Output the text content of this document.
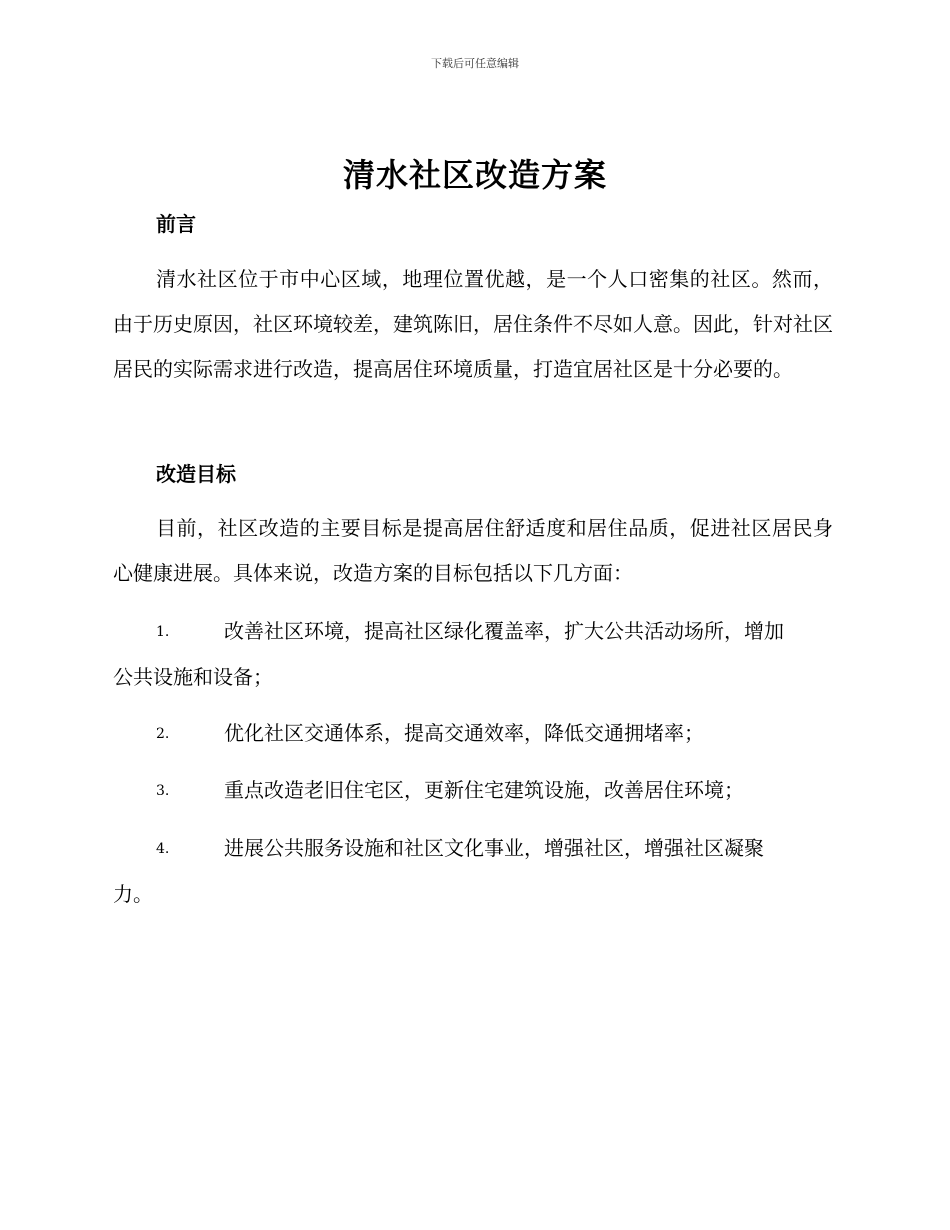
下载后可任意编辑
清水社区改造方案
前言
清水社区位于市中心区域，地理位置优越，是一个人口密集的社区。然而，由于历史原因，社区环境较差，建筑陈旧，居住条件不尽如人意。因此，针对社区居民的实际需求进行改造，提高居住环境质量，打造宜居社区是十分必要的。
改造目标
目前，社区改造的主要目标是提高居住舒适度和居住品质，促进社区居民身心健康进展。具体来说，改造方案的目标包括以下几方面：
1.	改善社区环境，提高社区绿化覆盖率，扩大公共活动场所，增加
公共设施和设备；
2.	优化社区交通体系，提高交通效率，降低交通拥堵率；
3.	重点改造老旧住宅区，更新住宅建筑设施，改善居住环境；
4.	进展公共服务设施和社区文化事业，增强社区，增强社区凝聚
力。
